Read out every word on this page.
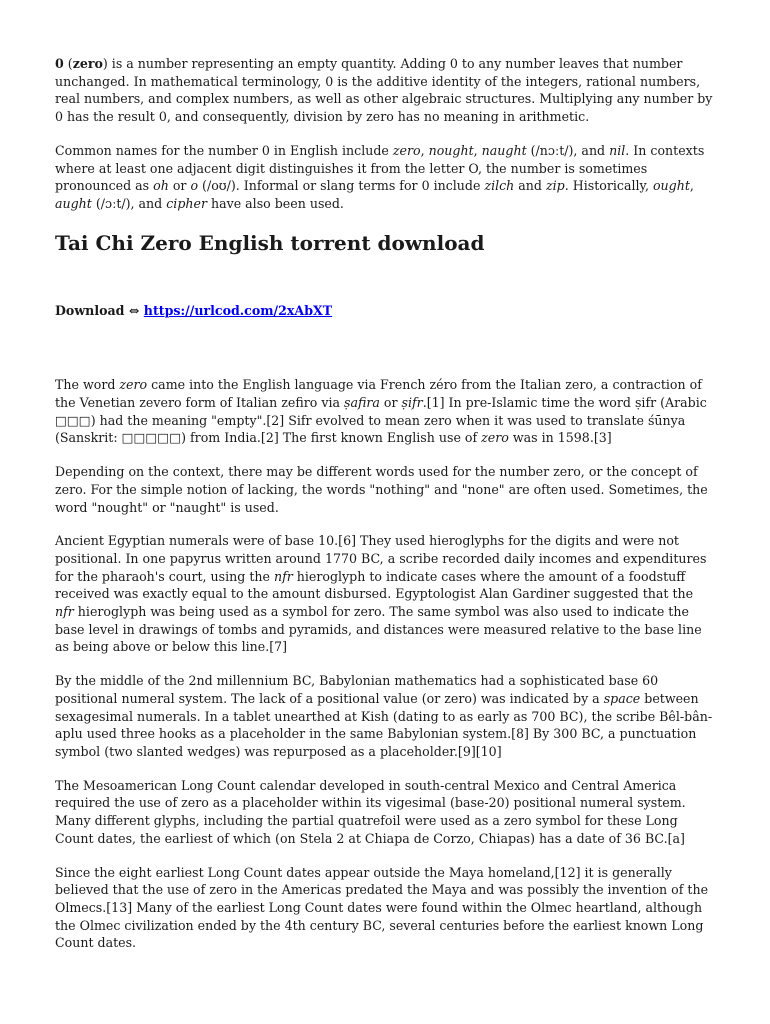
0 (zero) is a number representing an empty quantity. Adding 0 to any number leaves that number unchanged. In mathematical terminology, 0 is the additive identity of the integers, rational numbers, real numbers, and complex numbers, as well as other algebraic structures. Multiplying any number by 0 has the result 0, and consequently, division by zero has no meaning in arithmetic.

Common names for the number 0 in English include zero, nought, naught (/nɔːt/), and nil. In contexts where at least one adjacent digit distinguishes it from the letter O, the number is sometimes pronounced as oh or o (/oʊ/). Informal or slang terms for 0 include zilch and zip. Historically, ought, aught (/ɔːt/), and cipher have also been used.

Tai Chi Zero English torrent download
Download ⇔ https://urlcod.com/2xAbXT

The word zero came into the English language via French zéro from the Italian zero, a contraction of the Venetian zevero form of Italian zefiro via ṣafira or ṣifr.[1] In pre-Islamic time the word ṣifr (Arabic □□□) had the meaning "empty".[2] Sifr evolved to mean zero when it was used to translate śūnya (Sanskrit: □□□□□) from India.[2] The first known English use of zero was in 1598.[3]

Depending on the context, there may be different words used for the number zero, or the concept of zero. For the simple notion of lacking, the words "nothing" and "none" are often used. Sometimes, the word "nought" or "naught" is used.

Ancient Egyptian numerals were of base 10.[6] They used hieroglyphs for the digits and were not positional. In one papyrus written around 1770 BC, a scribe recorded daily incomes and expenditures for the pharaoh's court, using the nfr hieroglyph to indicate cases where the amount of a foodstuff received was exactly equal to the amount disbursed. Egyptologist Alan Gardiner suggested that the nfr hieroglyph was being used as a symbol for zero. The same symbol was also used to indicate the base level in drawings of tombs and pyramids, and distances were measured relative to the base line as being above or below this line.[7]

By the middle of the 2nd millennium BC, Babylonian mathematics had a sophisticated base 60 positional numeral system. The lack of a positional value (or zero) was indicated by a space between sexagesimal numerals. In a tablet unearthed at Kish (dating to as early as 700 BC), the scribe Bêl-bân-aplu used three hooks as a placeholder in the same Babylonian system.[8] By 300 BC, a punctuation symbol (two slanted wedges) was repurposed as a placeholder.[9][10]

The Mesoamerican Long Count calendar developed in south-central Mexico and Central America required the use of zero as a placeholder within its vigesimal (base-20) positional numeral system. Many different glyphs, including the partial quatrefoil were used as a zero symbol for these Long Count dates, the earliest of which (on Stela 2 at Chiapa de Corzo, Chiapas) has a date of 36 BC.[a]

Since the eight earliest Long Count dates appear outside the Maya homeland,[12] it is generally believed that the use of zero in the Americas predated the Maya and was possibly the invention of the Olmecs.[13] Many of the earliest Long Count dates were found within the Olmec heartland, although the Olmec civilization ended by the 4th century BC, several centuries before the earliest known Long Count dates.
